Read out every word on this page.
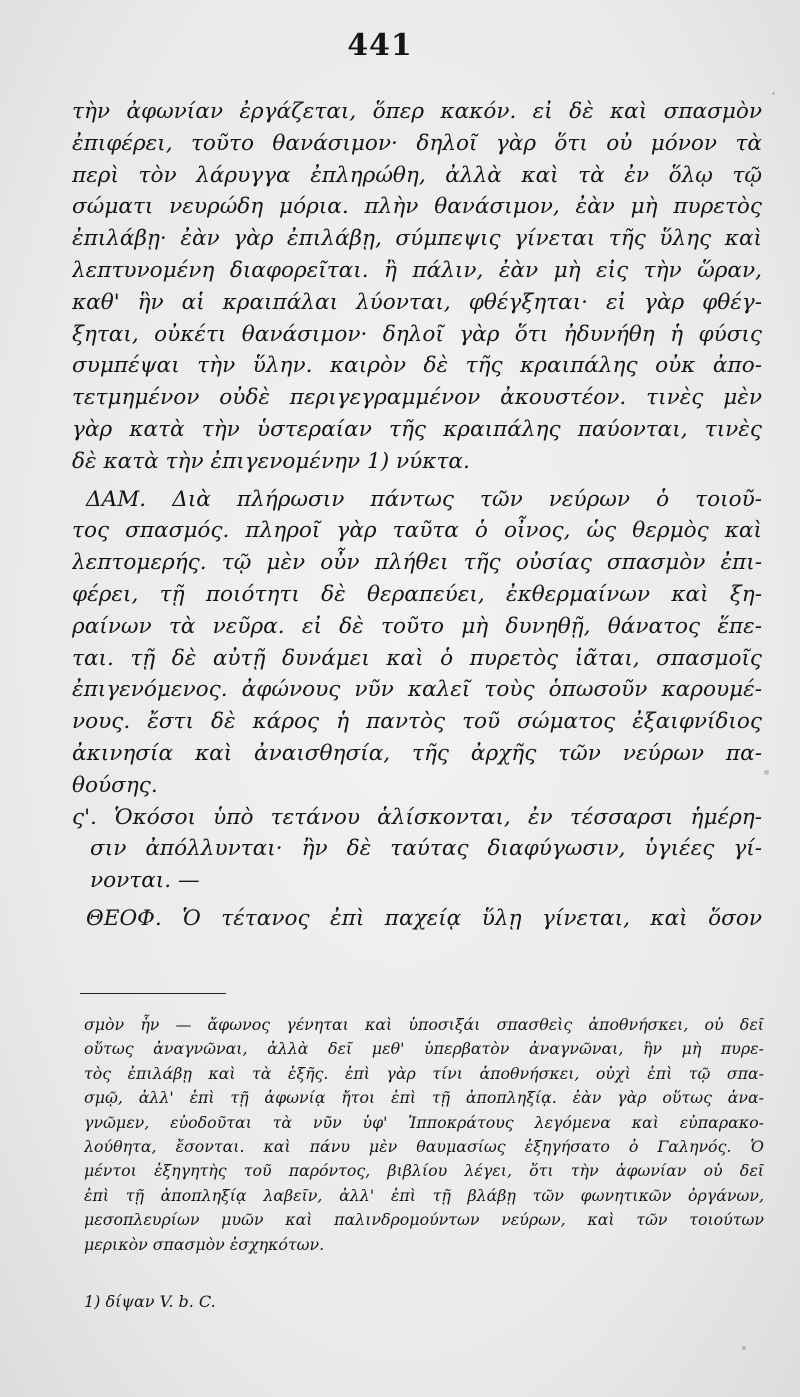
441
τὴν ἀφωνίαν ἐργάζεται, ὅπερ κακόν. εἰ δὲ καὶ σπασμὸν
ἐπιφέρει, τοῦτο θανάσιμον· δηλοῖ γὰρ ὅτι οὐ μόνον τὰ
περὶ τὸν λάρυγγα ἐπληρώθη, ἀλλὰ καὶ τὰ ἐν ὅλῳ τῷ
σώματι νευρώδη μόρια. πλὴν θανάσιμον, ἐὰν μὴ πυρετὸς
ἐπιλάβῃ· ἐὰν γὰρ ἐπιλάβῃ, σύμπεψις γίνεται τῆς ὕλης καὶ
λεπτυνομένη διαφορεῖται. ἢ πάλιν, ἐὰν μὴ εἰς τὴν ὥραν,
καθ' ἣν αἱ κραιπάλαι λύονται, φθέγξηται· εἰ γὰρ φθέγ-
ξηται, οὐκέτι θανάσιμον· δηλοῖ γὰρ ὅτι ἠδυνήθη ἡ φύσις
συμπέψαι τὴν ὕλην. καιρὸν δὲ τῆς κραιπάλης οὐκ ἀπο-
τετμημένον οὐδὲ περιγεγραμμένον ἀκουστέον. τινὲς μὲν
γὰρ κατὰ τὴν ὑστεραίαν τῆς κραιπάλης παύονται, τινὲς
δὲ κατὰ τὴν ἐπιγενομένην 1) νύκτα.
ΔΑΜ. Διὰ πλήρωσιν πάντως τῶν νεύρων ὁ τοιοῦ-
τος σπασμός. πληροῖ γὰρ ταῦτα ὁ οἶνος, ὡς θερμὸς καὶ
λεπτομερής. τῷ μὲν οὖν πλήθει τῆς οὐσίας σπασμὸν ἐπι-
φέρει, τῇ ποιότητι δὲ θεραπεύει, ἐκθερμαίνων καὶ ξη-
ραίνων τὰ νεῦρα. εἰ δὲ τοῦτο μὴ δυνηθῇ, θάνατος ἕπε-
ται. τῇ δὲ αὐτῇ δυνάμει καὶ ὁ πυρετὸς ἰᾶται, σπασμοῖς
ἐπιγενόμενος. ἀφώνους νῦν καλεῖ τοὺς ὁπωσοῦν καρουμέ-
νους. ἔστι δὲ κάρος ἡ παντὸς τοῦ σώματος ἐξαιφνίδιος
ἀκινησία καὶ ἀναισθησία, τῆς ἀρχῆς τῶν νεύρων πα-
θούσης.
ς'. Ὁκόσοι ὑπὸ τετάνου ἁλίσκονται, ἐν τέσσαρσι ἡμέρη-
σιν ἀπόλλυνται· ἢν δὲ ταύτας διαφύγωσιν, ὑγιέες γί-
νονται. —
ΘΕΟΦ. Ὁ τέτανος ἐπὶ παχείᾳ ὕλῃ γίνεται, καὶ ὅσον
σμὸν ἦν — ἄφωνος γένηται καὶ ὑποσιξάι σπασθεὶς ἀποθνήσκει, οὐ δεῖ
οὕτως ἀναγνῶναι, ἀλλὰ δεῖ μεθ' ὑπερβατὸν ἀναγνῶναι, ἢν μὴ πυρε-
τὸς ἐπιλάβῃ καὶ τὰ ἑξῆς. ἐπὶ γὰρ τίνι ἀποθνήσκει, οὐχὶ ἐπὶ τῷ σπα-
σμῷ, ἀλλ' ἐπὶ τῇ ἀφωνίᾳ ἤτοι ἐπὶ τῇ ἀποπληξίᾳ. ἐὰν γὰρ οὕτως ἀνα-
γνῶμεν, εὐοδοῦται τὰ νῦν ὑφ' Ἱπποκράτους λεγόμενα καὶ εὐπαρακο-
λούθητα, ἔσονται. καὶ πάνυ μὲν θαυμασίως ἐξηγήσατο ὁ Γαληνός. Ὁ
μέντοι ἐξηγητὴς τοῦ παρόντος, βιβλίου λέγει, ὅτι τὴν ἀφωνίαν οὐ δεῖ
ἐπὶ τῇ ἀποπληξίᾳ λαβεῖν, ἀλλ' ἐπὶ τῇ βλάβῃ τῶν φωνητικῶν ὀργάνων,
μεσοπλευρίων μυῶν καὶ παλινδρομούντων νεύρων, καὶ τῶν τοιούτων
μερικὸν σπασμὸν ἐσχηκότων.
1) δίψαν V. b. C.
